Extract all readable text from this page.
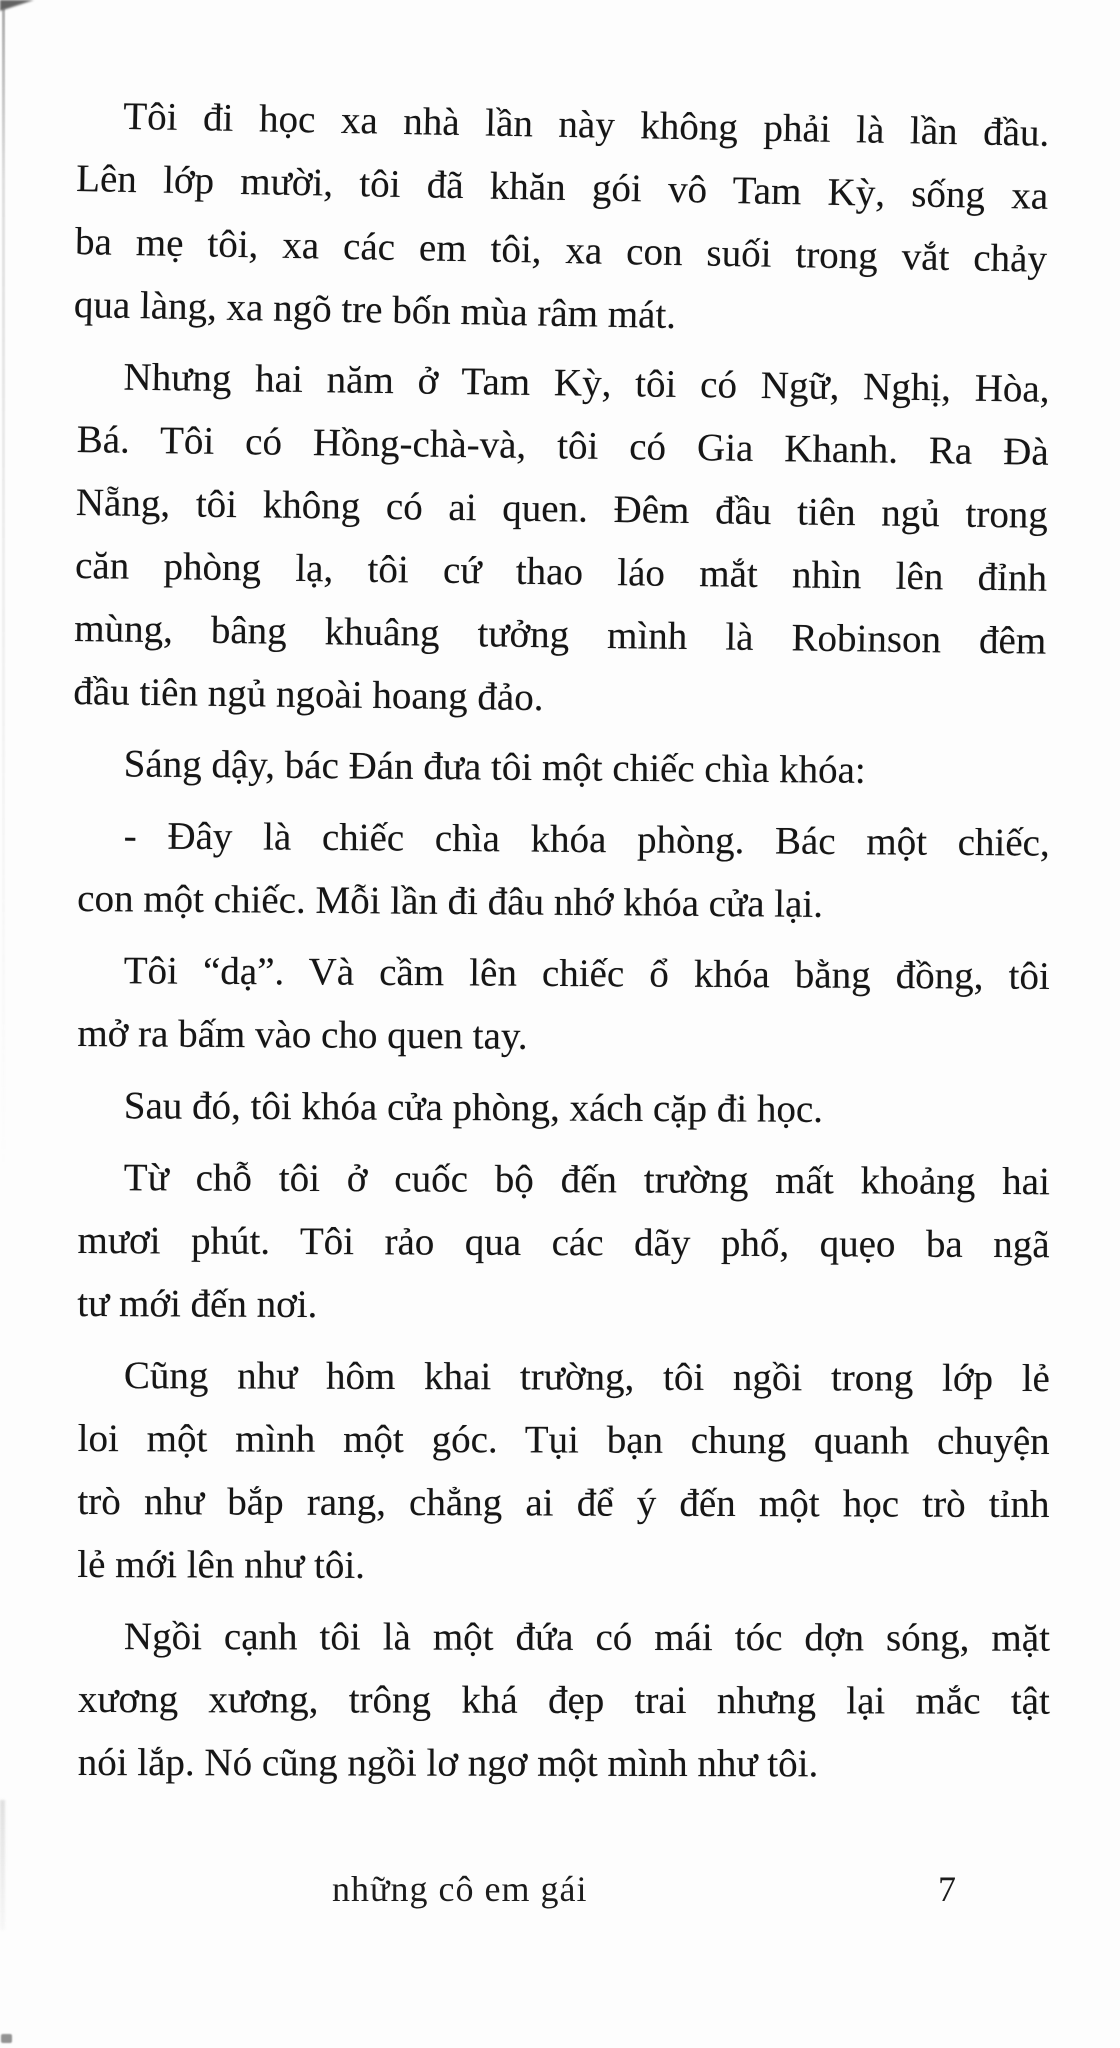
Tôi đi học xa nhà lần này không phải là lần đầu.
Lên lớp mười, tôi đã khăn gói vô Tam Kỳ, sống xa
ba mẹ tôi, xa các em tôi, xa con suối trong vắt chảy
qua làng, xa ngõ tre bốn mùa râm mát.

Nhưng hai năm ở Tam Kỳ, tôi có Ngữ, Nghị, Hòa,
Bá. Tôi có Hồng-chà-và, tôi có Gia Khanh. Ra Đà
Nẵng, tôi không có ai quen. Đêm đầu tiên ngủ trong
căn phòng lạ, tôi cứ thao láo mắt nhìn lên đỉnh
mùng, bâng khuâng tưởng mình là Robinson đêm
đầu tiên ngủ ngoài hoang đảo.

Sáng dậy, bác Đán đưa tôi một chiếc chìa khóa:

- Đây là chiếc chìa khóa phòng. Bác một chiếc,
con một chiếc. Mỗi lần đi đâu nhớ khóa cửa lại.

Tôi “dạ”. Và cầm lên chiếc ổ khóa bằng đồng, tôi
mở ra bấm vào cho quen tay.

Sau đó, tôi khóa cửa phòng, xách cặp đi học.

Từ chỗ tôi ở cuốc bộ đến trường mất khoảng hai
mươi phút. Tôi rảo qua các dãy phố, quẹo ba ngã
tư mới đến nơi.

Cũng như hôm khai trường, tôi ngồi trong lớp lẻ
loi một mình một góc. Tụi bạn chung quanh chuyện
trò như bắp rang, chẳng ai để ý đến một học trò tỉnh
lẻ mới lên như tôi.

Ngồi cạnh tôi là một đứa có mái tóc dợn sóng, mặt
xương xương, trông khá đẹp trai nhưng lại mắc tật
nói lắp. Nó cũng ngồi lơ ngơ một mình như tôi.

những cô em gái	7
